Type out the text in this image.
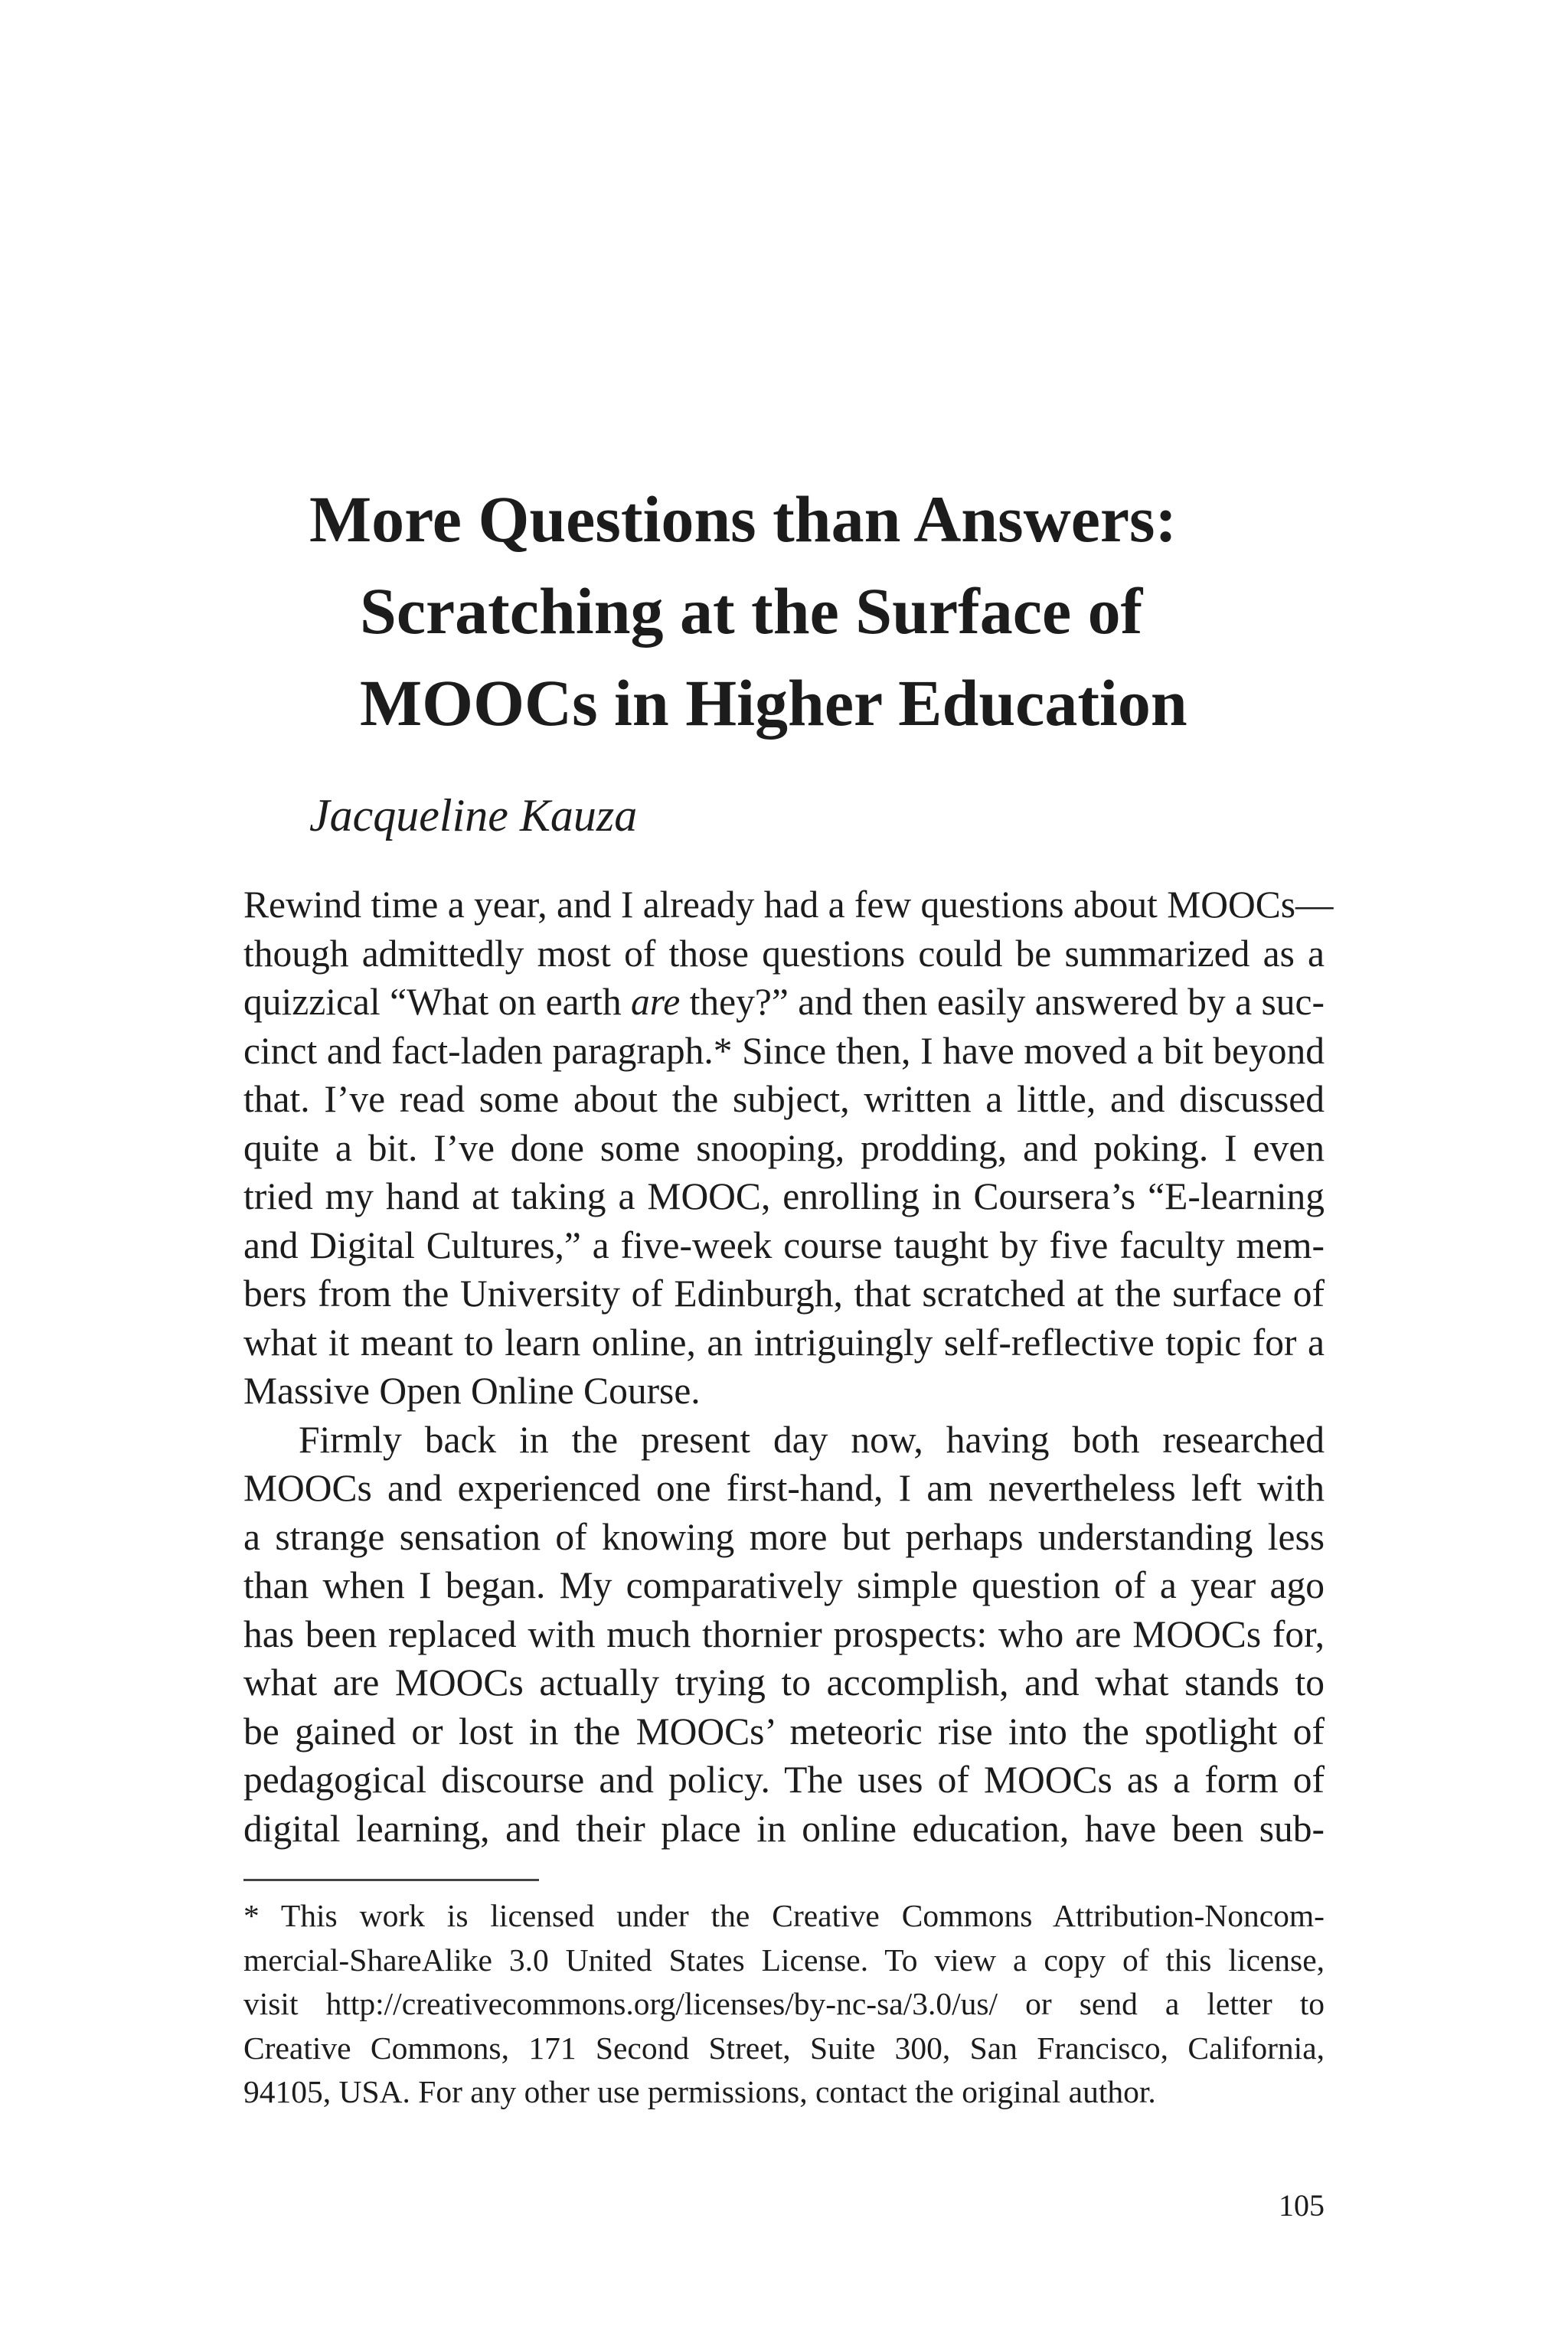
More Questions than Answers:
Scratching at the Surface of
MOOCs in Higher Education
Jacqueline Kauza
Rewind time a year, and I already had a few questions about MOOCs—
though admittedly most of those questions could be summarized as a
quizzical “What on earth are they?” and then easily answered by a suc-
cinct and fact-laden paragraph.* Since then, I have moved a bit beyond
that. I’ve read some about the subject, written a little, and discussed
quite a bit. I’ve done some snooping, prodding, and poking. I even
tried my hand at taking a MOOC, enrolling in Coursera’s “E-learning
and Digital Cultures,” a five-week course taught by five faculty mem-
bers from the University of Edinburgh, that scratched at the surface of
what it meant to learn online, an intriguingly self-reflective topic for a
Massive Open Online Course.
Firmly back in the present day now, having both researched
MOOCs and experienced one first-hand, I am nevertheless left with
a strange sensation of knowing more but perhaps understanding less
than when I began. My comparatively simple question of a year ago
has been replaced with much thornier prospects: who are MOOCs for,
what are MOOCs actually trying to accomplish, and what stands to
be gained or lost in the MOOCs’ meteoric rise into the spotlight of
pedagogical discourse and policy. The uses of MOOCs as a form of
digital learning, and their place in online education, have been sub-
* This work is licensed under the Creative Commons Attribution-Noncom-
mercial-ShareAlike 3.0 United States License. To view a copy of this license,
visit http://creativecommons.org/licenses/by-nc-sa/3.0/us/ or send a letter to
Creative Commons, 171 Second Street, Suite 300, San Francisco, California,
94105, USA. For any other use permissions, contact the original author.
105
